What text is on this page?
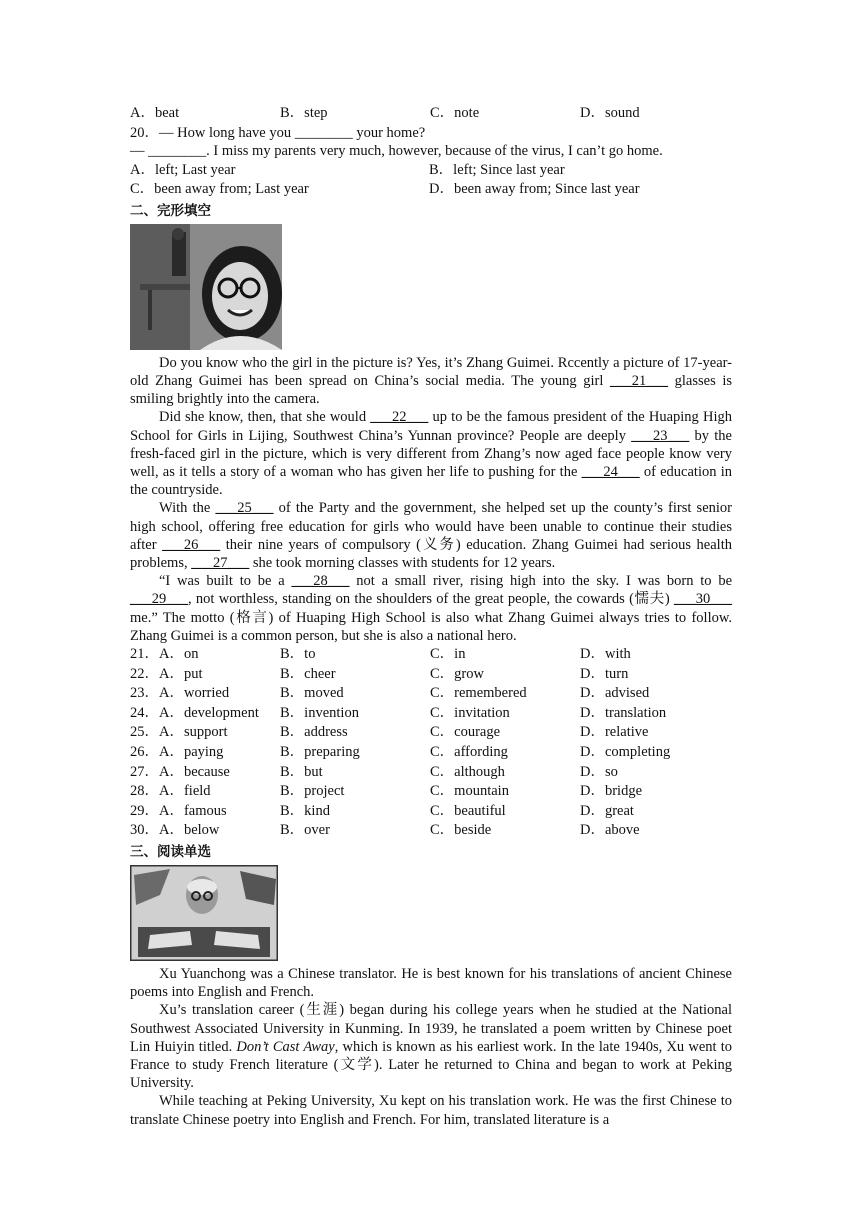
A．beat	B．step	C．note	D．sound
20．— How long have you ________ your home?
— ________. I miss my parents very much, however, because of the virus, I can’t go home.
A．left; Last year	B．left; Since last year
C．been away from; Last year	D．been away from; Since last year
二、完形填空

Do you know who the girl in the picture is? Yes, it’s Zhang Guimei. Rccently a picture of 17-year-old Zhang Guimei has been spread on China’s social media. The young girl ___21___ glasses is smiling brightly into the camera.

Did she know, then, that she would ___22___ up to be the famous president of the Huaping High School for Girls in Lijing, Southwest China’s Yunnan province? People are deeply ___23___ by the fresh-faced girl in the picture, which is very different from Zhang’s now aged face people know very well, as it tells a story of a woman who has given her life to pushing for the ___24___ of education in the countryside.

With the ___25___ of the Party and the government, she helped set up the county’s first senior high school, offering free education for girls who would have been unable to continue their studies after ___26___ their nine years of compulsory (义务) education. Zhang Guimei had serious health problems, ___27___ she took morning classes with students for 12 years.

“I was built to be a ___28___ not a small river, rising high into the sky. I was born to be ___29___, not worthless, standing on the shoulders of the great people, the cowards (懦夫) ___30___ me.” The motto (格言) of Huaping High School is also what Zhang Guimei always tries to follow. Zhang Guimei is a common person, but she is also a national hero.

21．A．on	B．to	C．in	D．with
22．A．put	B．cheer	C．grow	D．turn
23．A．worried	B．moved	C．remembered	D．advised
24．A．development	B．invention	C．invitation	D．translation
25．A．support	B．address	C．courage	D．relative
26．A．paying	B．preparing	C．affording	D．completing
27．A．because	B．but	C．although	D．so
28．A．field	B．project	C．mountain	D．bridge
29．A．famous	B．kind	C．beautiful	D．great
30．A．below	B．over	C．beside	D．above
三、阅读单选

Xu Yuanchong was a Chinese translator. He is best known for his translations of ancient Chinese poems into English and French.

Xu’s translation career (生涯) began during his college years when he studied at the National Southwest Associated University in Kunming. In 1939, he translated a poem written by Chinese poet Lin Huiyin titled. Don’t Cast Away, which is known as his earliest work. In the late 1940s, Xu went to France to study French literature (文学). Later he returned to China and began to work at Peking University.

While teaching at Peking University, Xu kept on his translation work. He was the first Chinese to translate Chinese poetry into English and French. For him, translated literature is a
